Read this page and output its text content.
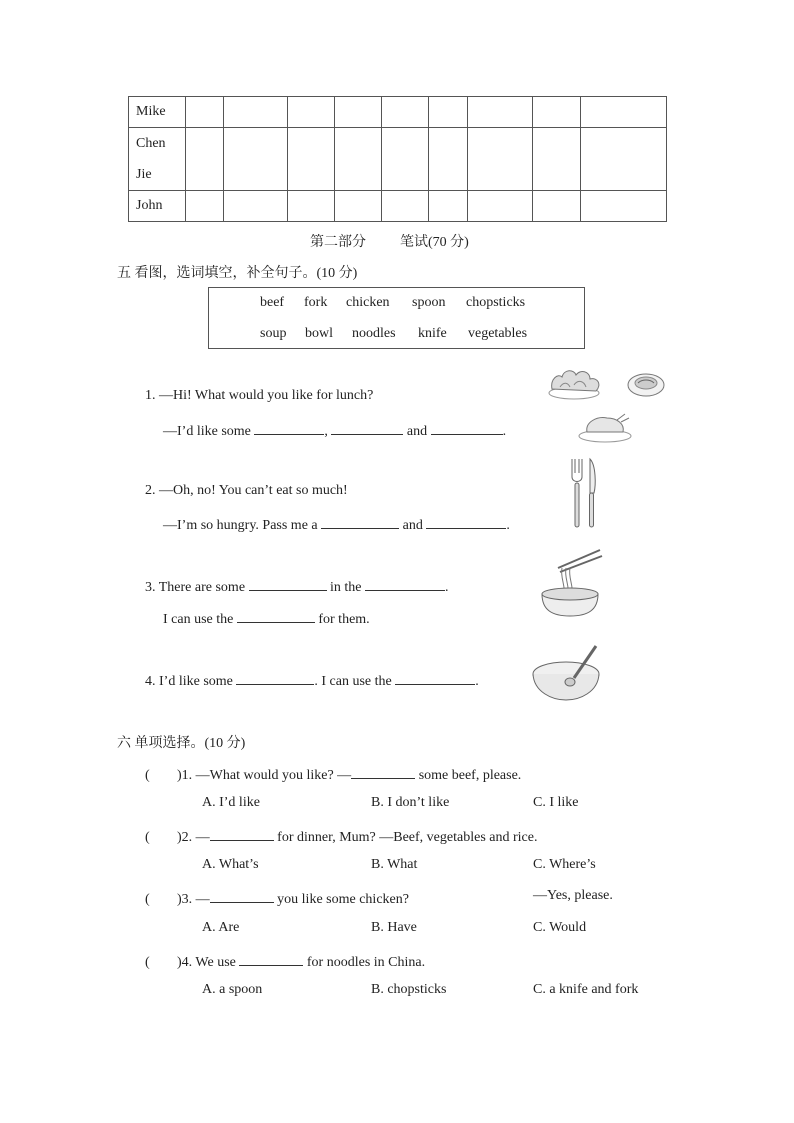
Mike									

Chen
Jie									

John									
第二部分 笔试(70 分)
五 看图，选词填空，补全句子。(10 分)
beef fork chicken spoon chopsticks
soup bowl noodles knife vegetables
1. —Hi! What would you like for lunch?
—I’d like some	,	and	.
2. —Oh, no! You can’t eat so much!
—I’m so hungry. Pass me a	and	.
3. There are some	in the	.
I can use the	for them.
4. I’d like some	. I can use the	.
六 单项选择。(10 分)
( )1. —What would you like? —	some beef, please.
A. I’d like	B. I don’t like	C. I like
( )2. —	for dinner, Mum? —Beef, vegetables and rice.
A. What’s	B. What	C. Where’s
( )3. —	you like some chicken?	—Yes, please.
A. Are	B. Have	C. Would
( )4. We use	for noodles in China.
A. a spoon	B. chopsticks	C. a knife and fork
